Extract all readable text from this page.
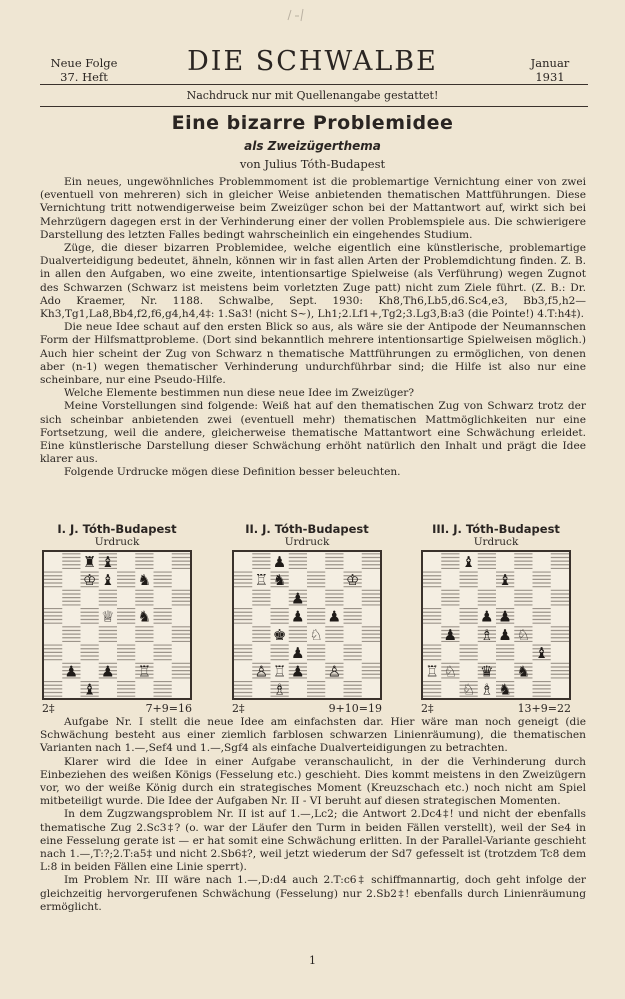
Neue Folge
37. Heft	DIE SCHWALBE	Januar
1931
Nachdruck nur mit Quellenangabe gestattet!
Eine bizarre Problemidee
als Zweizügerthema
von Julius Tóth-Budapest

Ein neues, ungewöhnliches Problemmoment ist die problemartige Vernichtung einer von zwei (eventuell von mehreren) sich in gleicher Weise anbietenden thematischen Mattführungen. Diese Vernichtung tritt notwendigerweise beim Zweizüger schon bei der Mattantwort auf, wirkt sich bei Mehrzügern dagegen erst in der Verhinderung einer der vollen Problemspiele aus. Die schwierigere Darstellung des letzten Falles bedingt wahrscheinlich ein eingehendes Studium.

Züge, die dieser bizarren Problemidee, welche eigentlich eine künstlerische, problemartige Dualverteidigung bedeutet, ähneln, können wir in fast allen Arten der Problemdichtung finden. Z. B. in allen den Aufgaben, wo eine zweite, intentionsartige Spielweise (als Verführung) wegen Zugnot des Schwarzen (Schwarz ist meistens beim vorletzten Zuge patt) nicht zum Ziele führt. (Z. B.: Dr. Ado Kraemer, Nr. 1188. Schwalbe, Sept. 1930: Kh8,Th6,Lb5,d6.Sc4,e3, Bb3,f5,h2—Kh3,Tg1,La8,Bb4,f2,f6,g4,h4,4‡: 1.Sa3! (nicht S~), Lh1;2.Lf1+,Tg2;3.Lg3,B:a3 (die Pointe!) 4.T:h4‡).

Die neue Idee schaut auf den ersten Blick so aus, als wäre sie der Antipode der Neumannschen Form der Hilfsmattprobleme. (Dort sind bekanntlich mehrere intentionsartige Spielweisen möglich.) Auch hier scheint der Zug von Schwarz n thematische Mattführungen zu ermöglichen, von denen aber (n-1) wegen thematischer Verhinderung undurchführbar sind; die Hilfe ist also nur eine scheinbare, nur eine Pseudo-Hilfe.

Welche Elemente bestimmen nun diese neue Idee im Zweizüger?

Meine Vorstellungen sind folgende: Weiß hat auf den thematischen Zug von Schwarz trotz der sich scheinbar anbietenden zwei (eventuell mehr) thematischen Mattmöglichkeiten nur eine Fortsetzung, weil die andere, gleicherweise thematische Mattantwort eine Schwächung erleidet. Eine künstlerische Darstellung dieser Schwächung erhöht natürlich den Inhalt und prägt die Idee klarer aus.

Folgende Urdrucke mögen diese Definition besser beleuchten.

I. J. Tóth-Budapest
Urdruck
♜ ♝
♔ ♝ ♞
♕ ♞
♟ ♟ ♖
♝
2‡	7+9=16
II. J. Tóth-Budapest
Urdruck
♟
♖ ♞	♔
♟
♟ ♟
♚ ♘
♟
♙ ♖ ♟ ♙
♗
2‡	9+10=19
III. J. Tóth-Budapest
Urdruck
♝
♝
♟ ♟
♟ ♗ ♟ ♘
♝
♖ ♘ ♛ ♞
♘ ♗ ♞
2‡	13+9=22

Aufgabe Nr. I stellt die neue Idee am einfachsten dar. Hier wäre man noch geneigt (die Schwächung besteht aus einer ziemlich farblosen schwarzen Linienräumung), die thematischen Varianten nach 1.—,Sef4 und 1.—,Sgf4 als einfache Dualverteidigungen zu betrachten.

Klarer wird die Idee in einer Aufgabe veranschaulicht, in der die Verhinderung durch Einbeziehen des weißen Königs (Fesselung etc.) geschieht. Dies kommt meistens in den Zweizügern vor, wo der weiße König durch ein strategisches Moment (Kreuzschach etc.) noch nicht am Spiel mitbeteiligt wurde. Die Idee der Aufgaben Nr. II - VI beruht auf diesen strategischen Momenten.

In dem Zugzwangsproblem Nr. II ist auf 1.—,Lc2; die Antwort 2.Dc4‡! und nicht der ebenfalls thematische Zug 2.Sc3‡? (o. war der Läufer den Turm in beiden Fällen verstellt), weil der Se4 in eine Fesselung gerate ist — er hat somit eine Schwächung erlitten. In der Parallel-Variante geschieht nach 1.—,T:?;2.T:a5‡ und nicht 2.Sb6‡?, weil jetzt wiederum der Sd7 gefesselt ist (trotzdem Tc8 dem L:8 in beiden Fällen eine Linie sperrt).

Im Problem Nr. III wäre nach 1.—,D:d4 auch 2.T:c6‡ schiffmannartig, doch geht infolge der gleichzeitig hervorgerufenen Schwächung (Fesselung) nur 2.Sb2‡! ebenfalls durch Linienräumung ermöglicht.

1
